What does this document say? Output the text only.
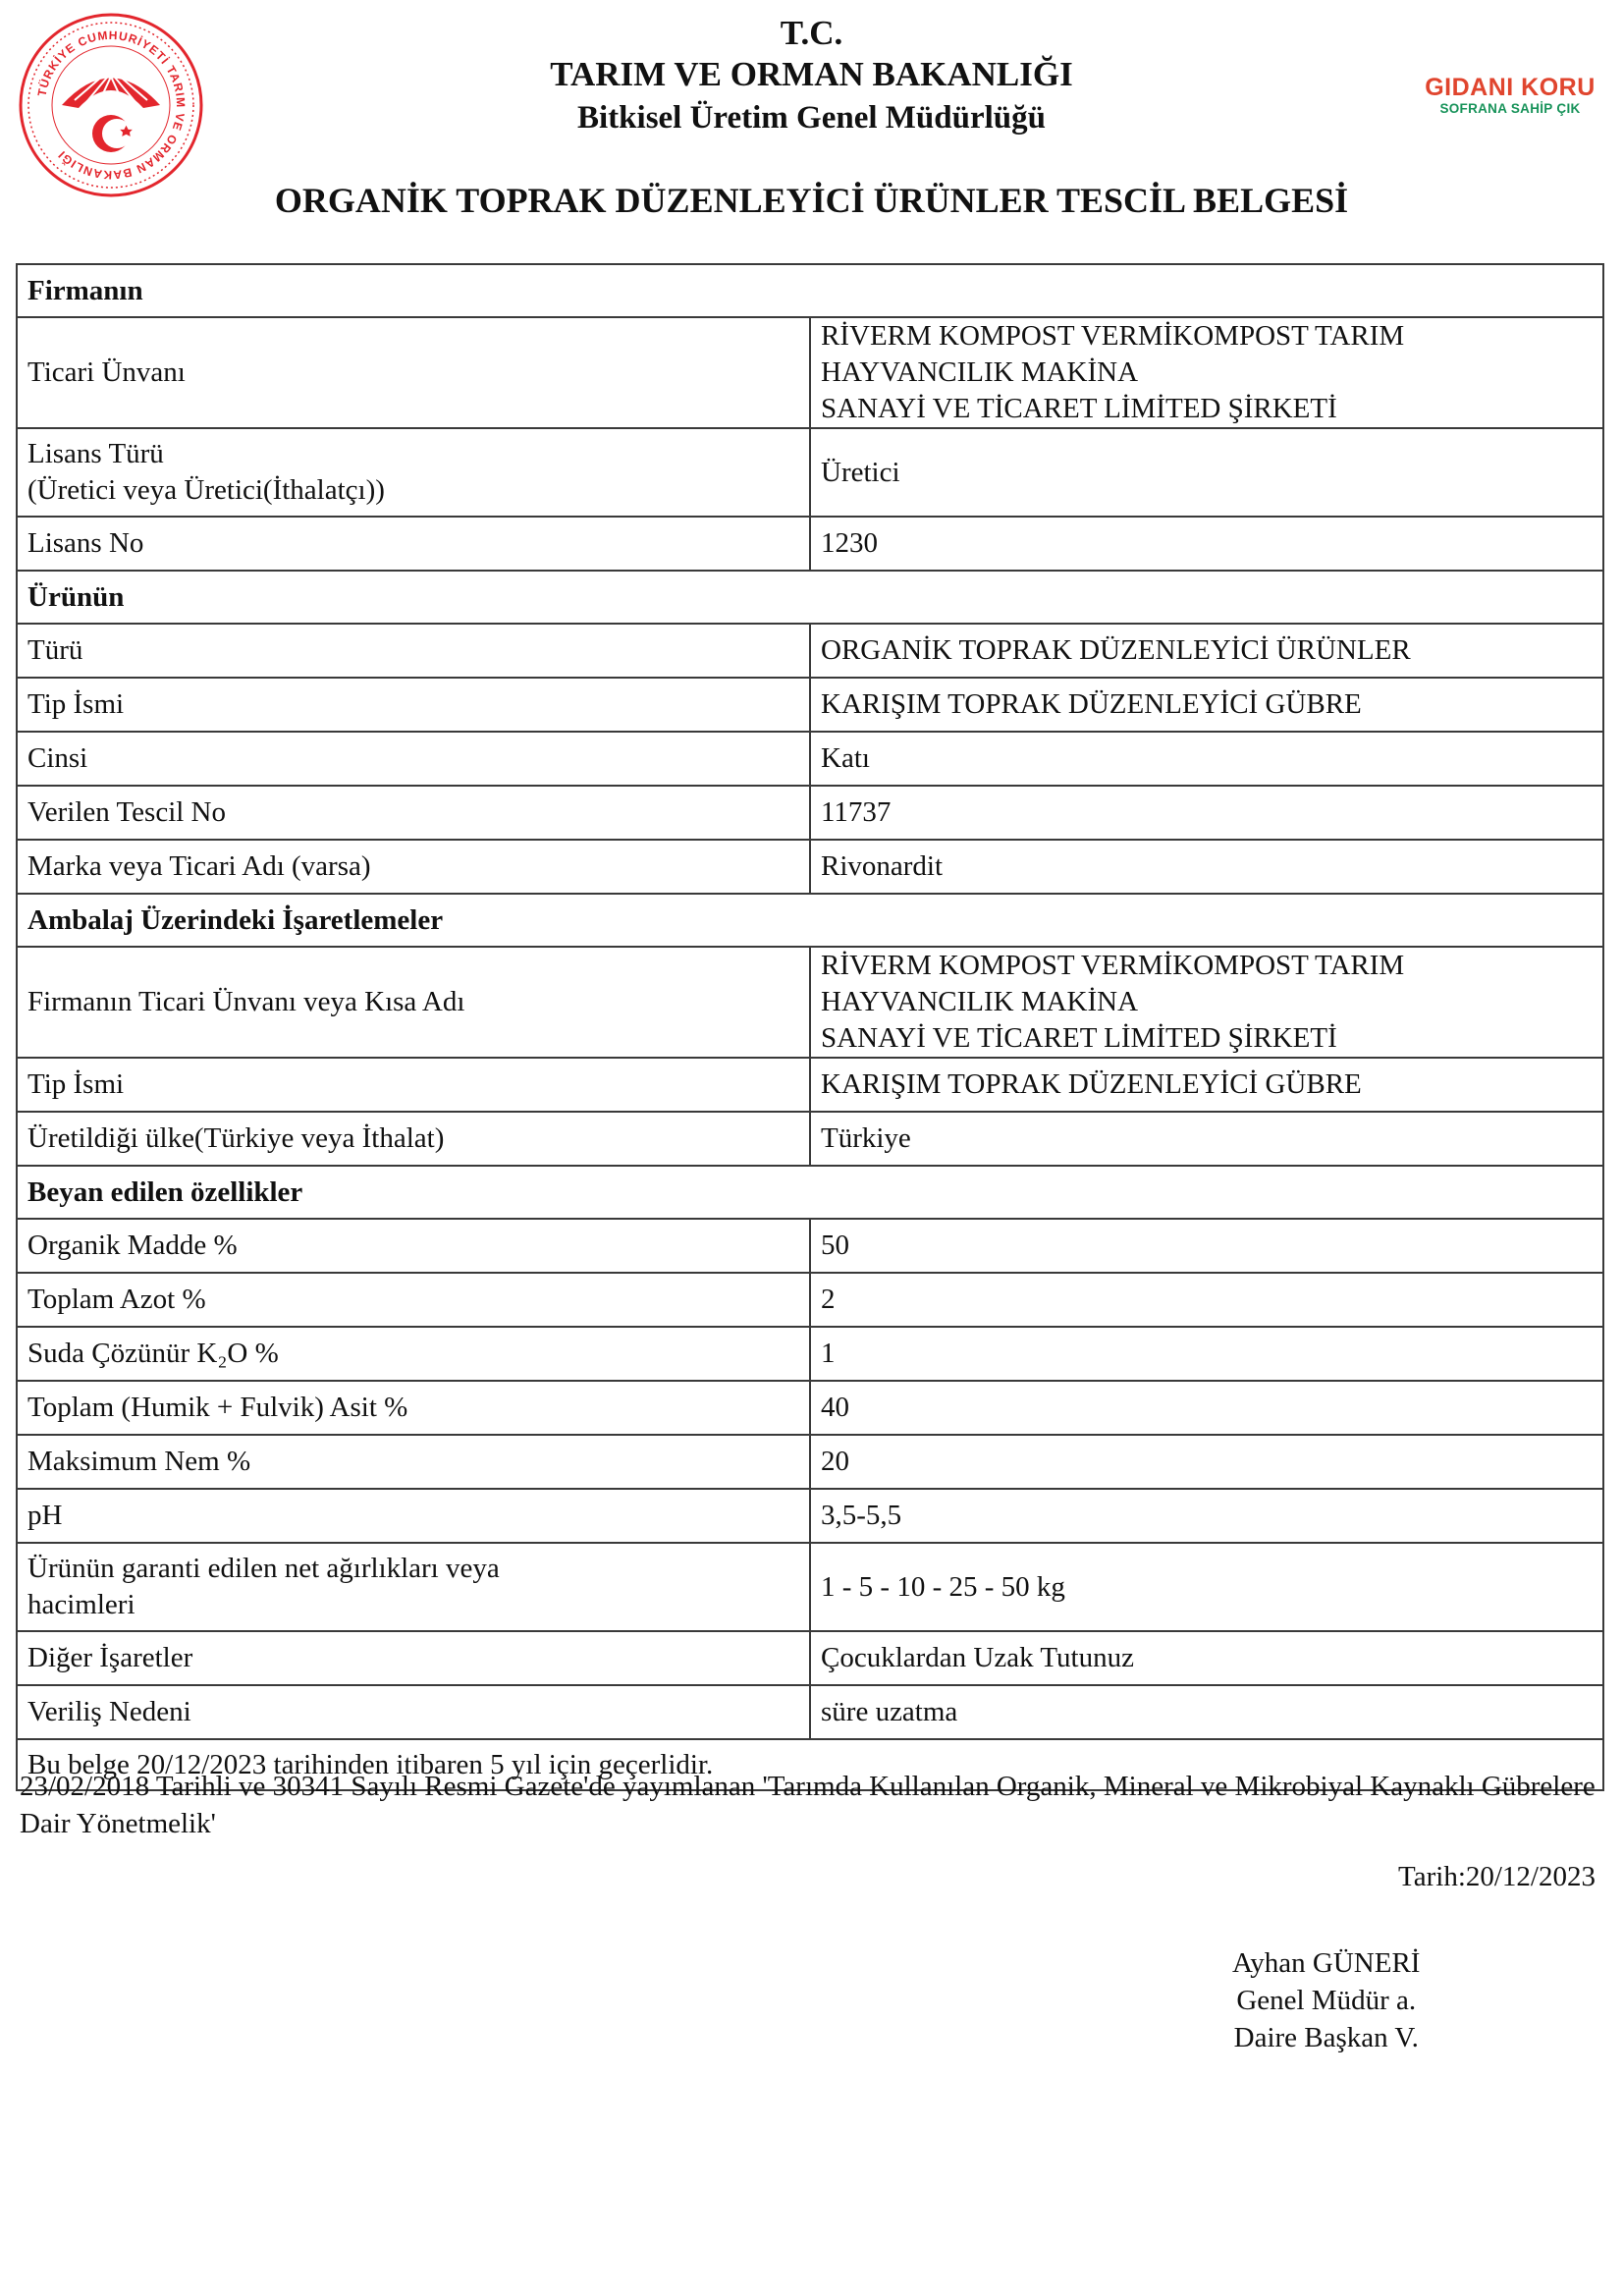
TÜRKİYE CUMHURİYETİ TARIM VE ORMAN BAKANLIĞI
T.C.
TARIM VE ORMAN BAKANLIĞI
Bitkisel Üretim Genel Müdürlüğü
ORGANİK TOPRAK DÜZENLEYİCİ ÜRÜNLER TESCİL BELGESİ
GIDANI KORU
SOFRANA SAHİP ÇIK
Firmanın	
Ticari Ünvanı	RİVERM KOMPOST VERMİKOMPOST TARIM HAYVANCILIK MAKİNA
SANAYİ VE TİCARET LİMİTED ŞİRKETİ

Lisans Türü
(Üretici veya Üretici(İthalatçı))	Üretici
Lisans No	1230
Ürünün	
Türü	ORGANİK TOPRAK DÜZENLEYİCİ ÜRÜNLER
Tip İsmi	KARIŞIM TOPRAK DÜZENLEYİCİ GÜBRE
Cinsi	Katı
Verilen Tescil No	11737
Marka veya Ticari Adı (varsa)	Rivonardit
Ambalaj Üzerindeki İşaretlemeler	
Firmanın Ticari Ünvanı veya Kısa Adı	RİVERM KOMPOST VERMİKOMPOST TARIM HAYVANCILIK MAKİNA
SANAYİ VE TİCARET LİMİTED ŞİRKETİ

Tip İsmi	KARIŞIM TOPRAK DÜZENLEYİCİ GÜBRE
Üretildiği ülke(Türkiye veya İthalat)	Türkiye
Beyan edilen özellikler	
Organik Madde %	50
Toplam Azot %	2
Suda Çözünür K₂O %	1
Toplam (Humik + Fulvik) Asit %	40
Maksimum Nem %	20
pH	3,5-5,5

Ürünün garanti edilen net ağırlıkları veya
hacimleri	1 - 5 - 10 - 25 - 50 kg
Diğer İşaretler	Çocuklardan Uzak Tutunuz
Veriliş Nedeni	süre uzatma
Bu belge 20/12/2023 tarihinden itibaren 5 yıl için geçerlidir.	
23/02/2018 Tarihli ve 30341 Sayılı Resmi Gazete'de yayımlanan 'Tarımda Kullanılan Organik, Mineral ve Mikrobiyal Kaynaklı Gübrelere Dair Yönetmelik'
Tarih:20/12/2023
Ayhan GÜNERİ
Genel Müdür a.
Daire Başkan V.
